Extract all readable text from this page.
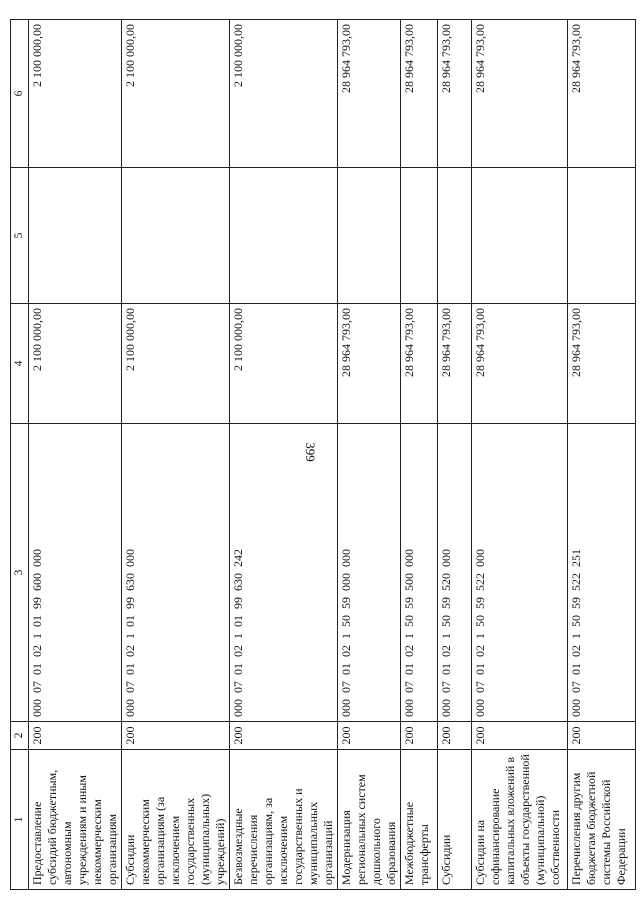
399
1	2	3	4	5	6
Предоставление субсидий бюджетным, автономным учреждениям и иным некоммерческим организациям	200	000  07  01  02  1  01  99  600  000	2 100 000,00		2 100 000,00
Субсидии некоммерческим организациям (за исключением государственных (муниципальных) учреждений)	200	000  07  01  02  1  01  99  630  000	2 100 000,00		2 100 000,00
Безвозмездные перечисления организациям, за исключением государственных и муниципальных организаций	200	000  07  01  02  1  01  99  630  242	2 100 000,00		2 100 000,00
Модернизация региональных систем дошкольного образования	200	000  07  01  02  1  50  59  000  000	28 964 793,00		28 964 793,00
Межбюджетные трансферты	200	000  07  01  02  1  50  59  500  000	28 964 793,00		28 964 793,00
Субсидии	200	000  07  01  02  1  50  59  520  000	28 964 793,00		28 964 793,00
Субсидии на софинансирование капитальных вложений в объекты государственной (муниципальной) собственности	200	000  07  01  02  1  50  59  522  000	28 964 793,00		28 964 793,00
Перечисления другим бюджетам бюджетной системы Российской Федерации	200	000  07  01  02  1  50  59  522  251	28 964 793,00		28 964 793,00
